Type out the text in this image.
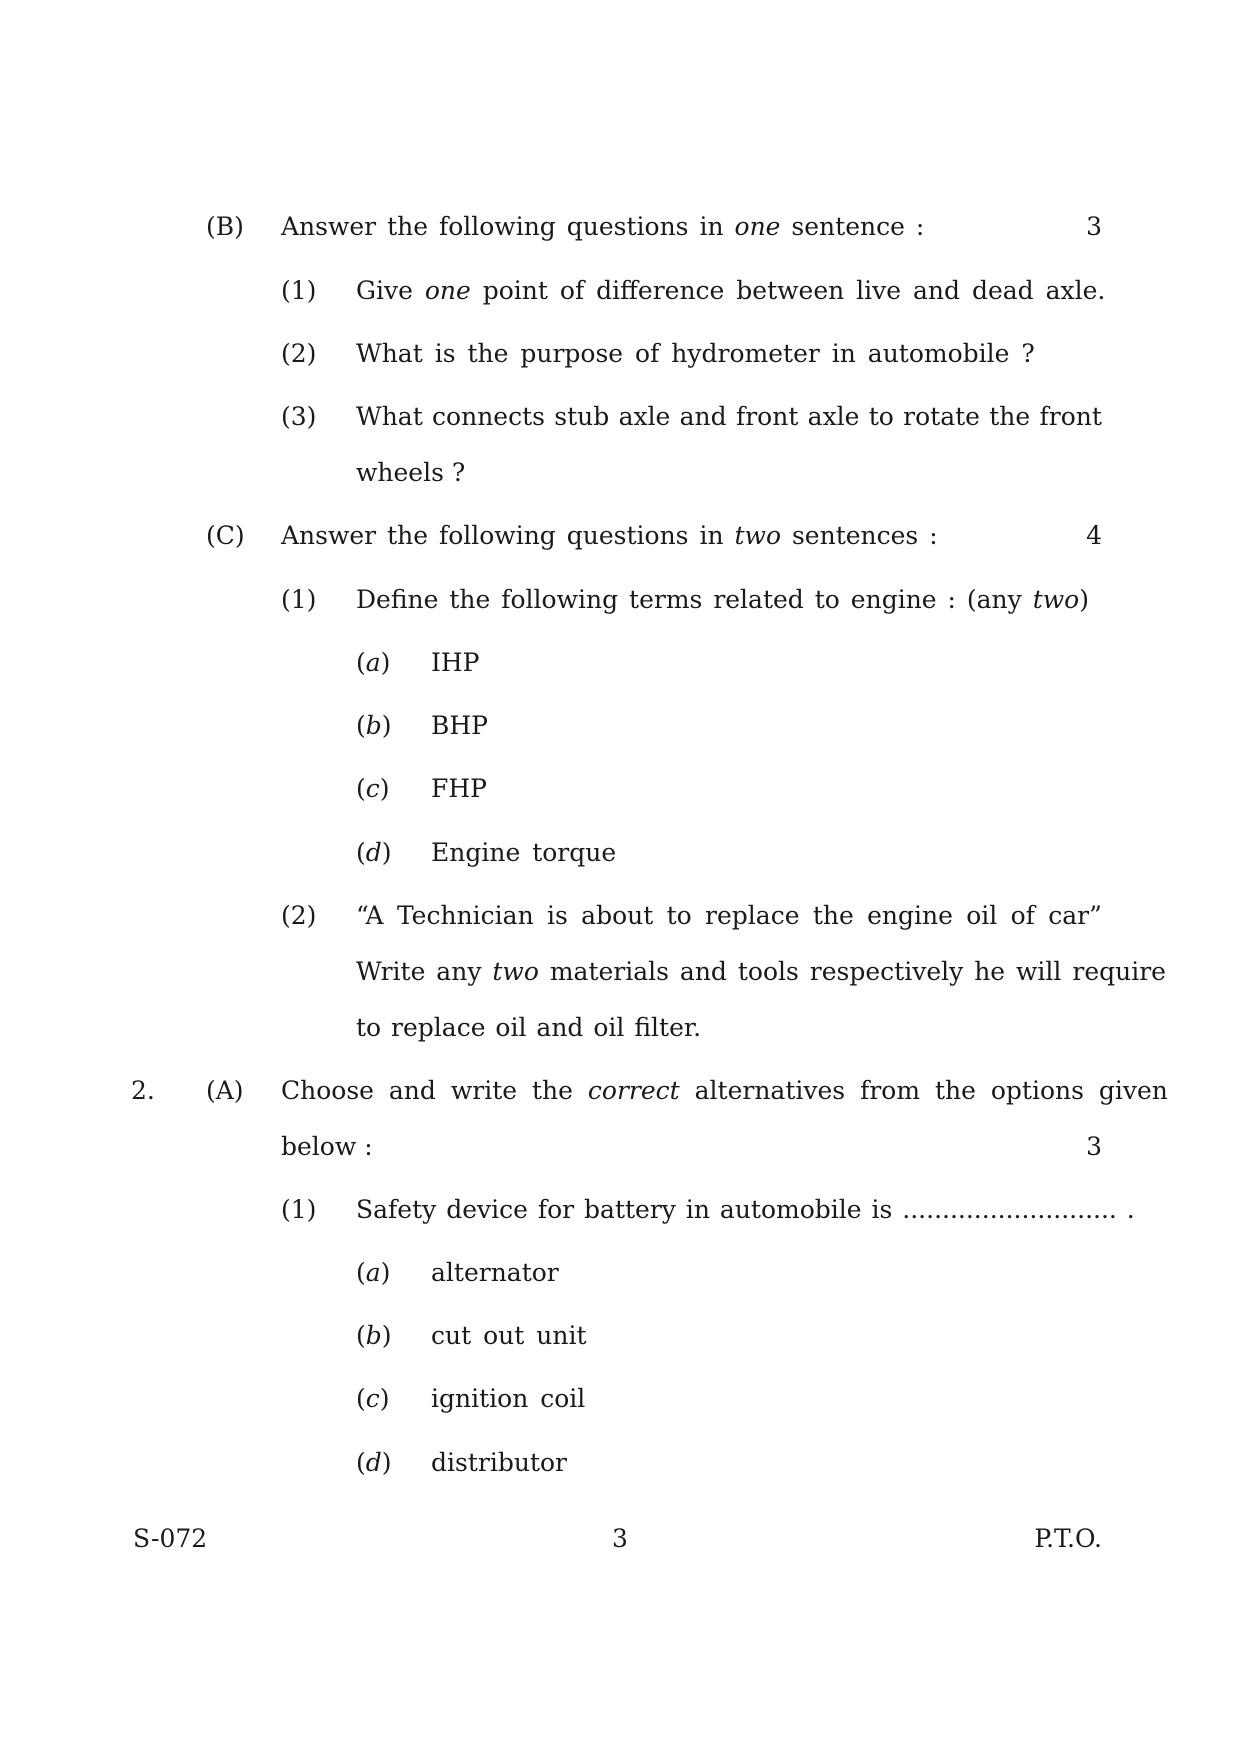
(B) Answer the following questions in one sentence :	3
(1) Give one point of difference between live and dead axle.
(2) What is the purpose of hydrometer in automobile ?
(3) What connects stub axle and front axle to rotate the front
wheels ?
(C) Answer the following questions in two sentences :	4
(1) Define the following terms related to engine : (any two)
(a) IHP
(b) BHP
(c) FHP
(d) Engine torque
(2) “A Technician is about to replace the engine oil of car”
Write any two materials and tools respectively he will require
to replace oil and oil filter.
2. (A) Choose and write the correct alternatives from the options given
below :	3
(1) Safety device for battery in automobile is ........................... .
(a) alternator
(b) cut out unit
(c) ignition coil
(d) distributor
S-072	3	P.T.O.
